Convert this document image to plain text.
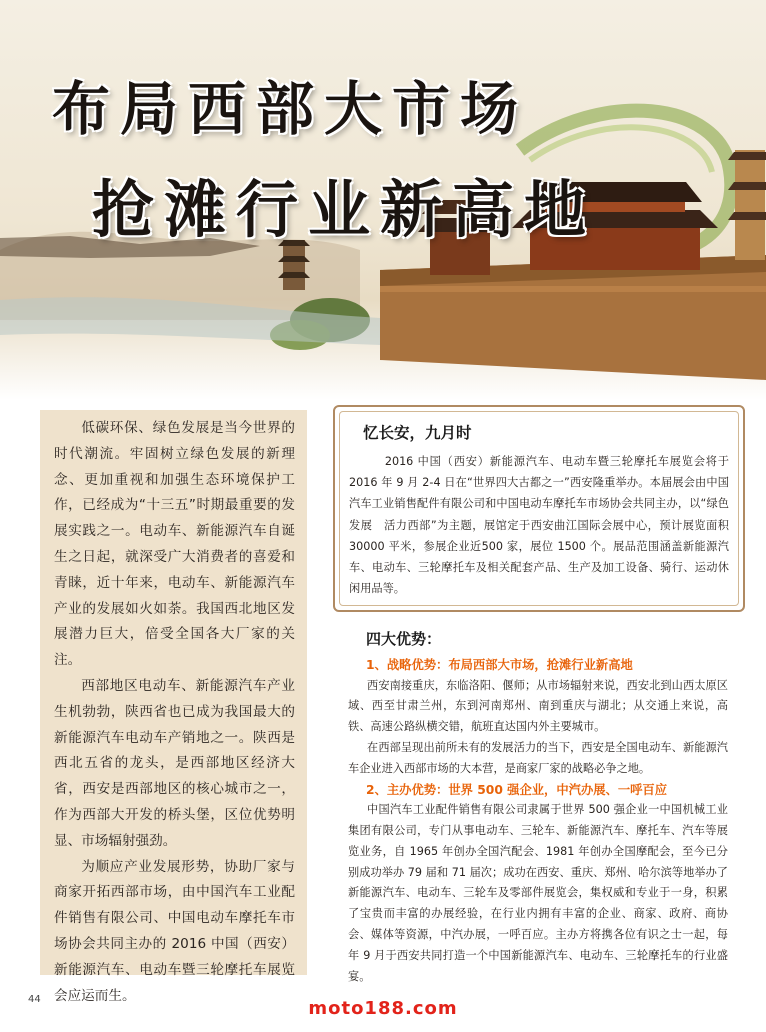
布局西部大市场
抢滩行业新高地

低碳环保、绿色发展是当今世界的时代潮流。牢固树立绿色发展的新理念、更加重视和加强生态环境保护工作，已经成为“十三五”时期最重要的发展实践之一。电动车、新能源汽车自诞生之日起，就深受广大消费者的喜爱和青睐，近十年来，电动车、新能源汽车产业的发展如火如荼。我国西北地区发展潜力巨大，倍受全国各大厂家的关注。

西部地区电动车、新能源汽车产业生机勃勃，陕西省也已成为我国最大的新能源汽车电动车产销地之一。陕西是西北五省的龙头，是西部地区经济大省，西安是西部地区的核心城市之一，作为西部大开发的桥头堡，区位优势明显、市场辐射强劲。

为顺应产业发展形势，协助厂家与商家开拓西部市场，由中国汽车工业配件销售有限公司、中国电动车摩托车市场协会共同主办的 2016 中国（西安）新能源汽车、电动车暨三轮摩托车展览会应运而生。

忆长安，九月时

2016 中国（西安）新能源汽车、电动车暨三轮摩托车展览会将于 2016 年 9 月 2-4 日在“世界四大古都之一”西安隆重举办。本届展会由中国汽车工业销售配件有限公司和中国电动车摩托车市场协会共同主办，以“绿色发展　活力西部”为主题，展馆定于西安曲江国际会展中心，预计展览面积30000 平米，参展企业近500 家，展位 1500 个。展品范围涵盖新能源汽车、电动车、三轮摩托车及相关配套产品、生产及加工设备、骑行、运动休闲用品等。

四大优势：
1、战略优势：布局西部大市场，抢滩行业新高地

西安南接重庆，东临洛阳、偃师；从市场辐射来说，西安北到山西太原区域、西至甘肃兰州，东到河南郑州、南到重庆与湖北；从交通上来说，高铁、高速公路纵横交错，航班直达国内外主要城市。

在西部呈现出前所未有的发展活力的当下，西安是全国电动车、新能源汽车企业进入西部市场的大本营，是商家厂家的战略必争之地。

2、主办优势：世界 500 强企业，中汽办展、一呼百应

中国汽车工业配件销售有限公司隶属于世界 500 强企业一中国机械工业集团有限公司，专门从事电动车、三轮车、新能源汽车、摩托车、汽车等展览业务，自 1965 年创办全国汽配会、1981 年创办全国摩配会，至今已分别成功举办 79 届和 71 届次；成功在西安、重庆、郑州、哈尔滨等地举办了新能源汽车、电动车、三轮车及零部件展览会，集权威和专业于一身，积累了宝贵而丰富的办展经验，在行业内拥有丰富的企业、商家、政府、商协会、媒体等资源，中汽办展，一呼百应。主办方将携各位有识之士一起，每年 9 月于西安共同打造一个中国新能源汽车、电动车、三轮摩托车的行业盛宴。

44	moto188.com
